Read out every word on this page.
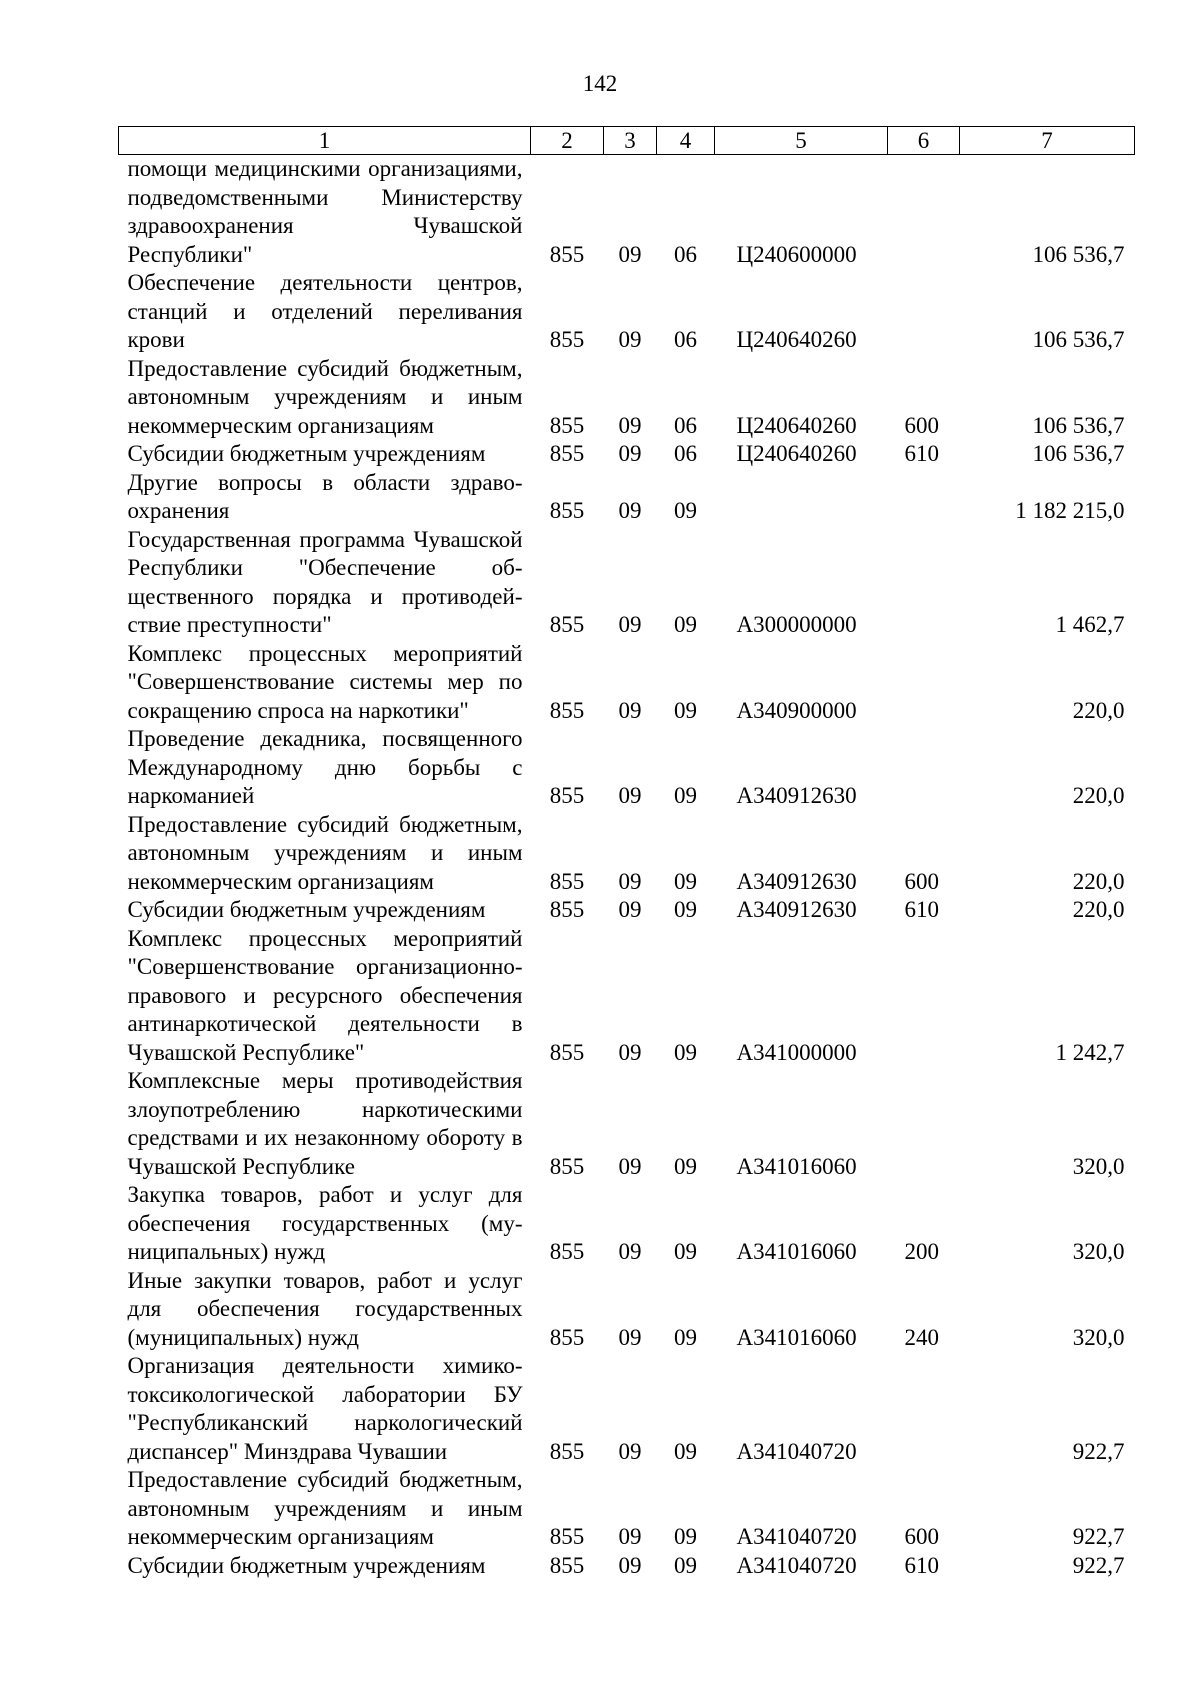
142
1	2	3	4	5	6	7
помощи медицинскими организациями, подведомственными Министерству здравоохранения Чувашской Республики"	855	09	06	Ц240600000		106 536,7
Обеспечение деятельности центров, станций и отделений переливания крови	855	09	06	Ц240640260		106 536,7
Предоставление субсидий бюджетным, автономным учреждениям и иным некоммерческим организациям	855	09	06	Ц240640260	600	106 536,7
Субсидии бюджетным учреждениям	855	09	06	Ц240640260	610	106 536,7
Другие вопросы в области здравоохранения	855	09	09			1 182 215,0
Государственная программа Чувашской Республики "Обеспечение общественного порядка и противодействие преступности"	855	09	09	А300000000		1 462,7
Комплекс процессных мероприятий "Совершенствование системы мер по сокращению спроса на наркотики"	855	09	09	А340900000		220,0
Проведение декадника, посвященного Международному дню борьбы с наркоманией	855	09	09	А340912630		220,0
Предоставление субсидий бюджетным, автономным учреждениям и иным некоммерческим организациям	855	09	09	А340912630	600	220,0
Субсидии бюджетным учреждениям	855	09	09	А340912630	610	220,0
Комплекс процессных мероприятий "Совершенствование организационно-правового и ресурсного обеспечения антинаркотической деятельности в Чувашской Республике"	855	09	09	А341000000		1 242,7
Комплексные меры противодействия злоупотреблению наркотическими средствами и их незаконному обороту в Чувашской Республике	855	09	09	А341016060		320,0
Закупка товаров, работ и услуг для обеспечения государственных (муниципальных) нужд	855	09	09	А341016060	200	320,0
Иные закупки товаров, работ и услуг для обеспечения государственных (муниципальных) нужд	855	09	09	А341016060	240	320,0
Организация деятельности химико-токсикологической лаборатории БУ "Республиканский наркологический диспансер" Минздрава Чувашии	855	09	09	А341040720		922,7
Предоставление субсидий бюджетным, автономным учреждениям и иным некоммерческим организациям	855	09	09	А341040720	600	922,7
Субсидии бюджетным учреждениям	855	09	09	А341040720	610	922,7
